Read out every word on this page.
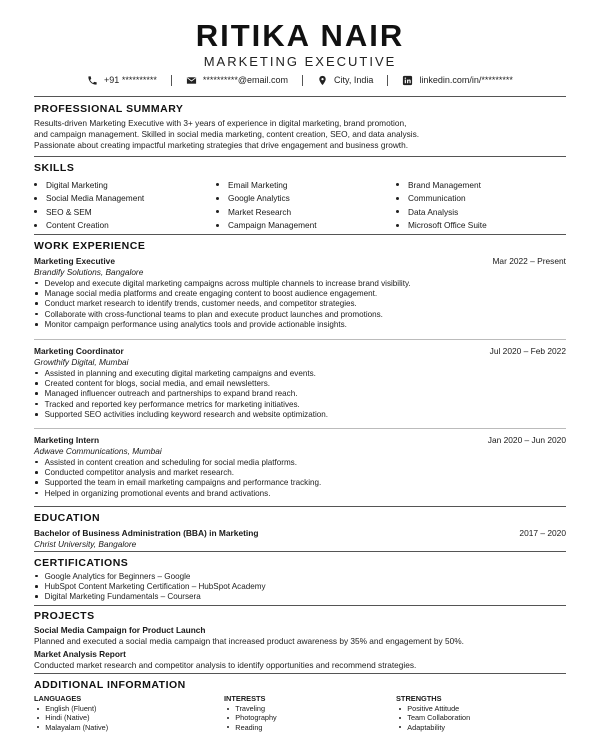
RITIKA NAIR
MARKETING EXECUTIVE
+91 **********	**********@email.com	City, India	linkedin.com/in/*********
PROFESSIONAL SUMMARY
Results-driven Marketing Executive with 3+ years of experience in digital marketing, brand promotion,
and campaign management. Skilled in social media marketing, content creation, SEO, and data analysis.
Passionate about creating impactful marketing strategies that drive engagement and business growth.
SKILLS
Digital Marketing	Email Marketing	Brand Management
Social Media Management	Google Analytics	Communication
SEO & SEM	Market Research	Data Analysis
Content Creation	Campaign Management	Microsoft Office Suite
WORK EXPERIENCE
Marketing Executive	Mar 2022 – Present
Brandify Solutions, Bangalore
Develop and execute digital marketing campaigns across multiple channels to increase brand visibility.
Manage social media platforms and create engaging content to boost audience engagement.
Conduct market research to identify trends, customer needs, and competitor strategies.
Collaborate with cross-functional teams to plan and execute product launches and promotions.
Monitor campaign performance using analytics tools and provide actionable insights.
Marketing Coordinator	Jul 2020 – Feb 2022
Growthify Digital, Mumbai
Assisted in planning and executing digital marketing campaigns and events.
Created content for blogs, social media, and email newsletters.
Managed influencer outreach and partnerships to expand brand reach.
Tracked and reported key performance metrics for marketing initiatives.
Supported SEO activities including keyword research and website optimization.
Marketing Intern	Jan 2020 – Jun 2020
Adwave Communications, Mumbai
Assisted in content creation and scheduling for social media platforms.
Conducted competitor analysis and market research.
Supported the team in email marketing campaigns and performance tracking.
Helped in organizing promotional events and brand activations.
EDUCATION
Bachelor of Business Administration (BBA) in Marketing	2017 – 2020
Christ University, Bangalore
CERTIFICATIONS
Google Analytics for Beginners – Google
HubSpot Content Marketing Certification – HubSpot Academy
Digital Marketing Fundamentals – Coursera
PROJECTS
Social Media Campaign for Product Launch
Planned and executed a social media campaign that increased product awareness by 35% and engagement by 50%.
Market Analysis Report
Conducted market research and competitor analysis to identify opportunities and recommend strategies.
ADDITIONAL INFORMATION
LANGUAGES
English (Fluent)
Hindi (Native)
Malayalam (Native)
INTERESTS
Traveling
Photography
Reading
STRENGTHS
Positive Attitude
Team Collaboration
Adaptability
